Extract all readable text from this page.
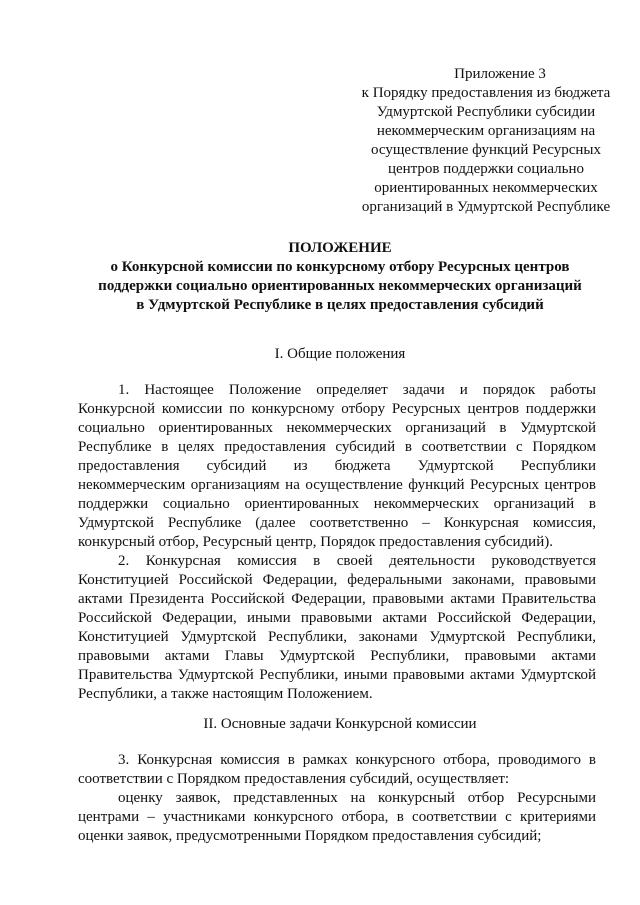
Приложение 3
к Порядку предоставления из бюджета
Удмуртской Республики субсидии
некоммерческим организациям на
осуществление функций Ресурсных
центров поддержки социально
ориентированных некоммерческих
организаций в Удмуртской Республике
ПОЛОЖЕНИЕ
о Конкурсной комиссии по конкурсному отбору Ресурсных центров
поддержки социально ориентированных некоммерческих организаций
в Удмуртской Республике в целях предоставления субсидий
I. Общие положения
1. Настоящее Положение определяет задачи и порядок работы
Конкурсной комиссии по конкурсному отбору Ресурсных центров поддержки
социально ориентированных некоммерческих организаций в Удмуртской
Республике в целях предоставления субсидий в соответствии с Порядком
предоставления субсидий из бюджета Удмуртской Республики
некоммерческим организациям на осуществление функций Ресурсных центров
поддержки социально ориентированных некоммерческих организаций в
Удмуртской Республике (далее соответственно – Конкурсная комиссия,
конкурсный отбор, Ресурсный центр, Порядок предоставления субсидий).
2. Конкурсная комиссия в своей деятельности руководствуется
Конституцией Российской Федерации, федеральными законами, правовыми
актами Президента Российской Федерации, правовыми актами Правительства
Российской Федерации, иными правовыми актами Российской Федерации,
Конституцией Удмуртской Республики, законами Удмуртской Республики,
правовыми актами Главы Удмуртской Республики, правовыми актами
Правительства Удмуртской Республики, иными правовыми актами Удмуртской
Республики, а также настоящим Положением.
II. Основные задачи Конкурсной комиссии
3. Конкурсная комиссия в рамках конкурсного отбора, проводимого в
соответствии с Порядком предоставления субсидий, осуществляет:
оценку заявок, представленных на конкурсный отбор Ресурсными
центрами – участниками конкурсного отбора, в соответствии с критериями
оценки заявок, предусмотренными Порядком предоставления субсидий;
